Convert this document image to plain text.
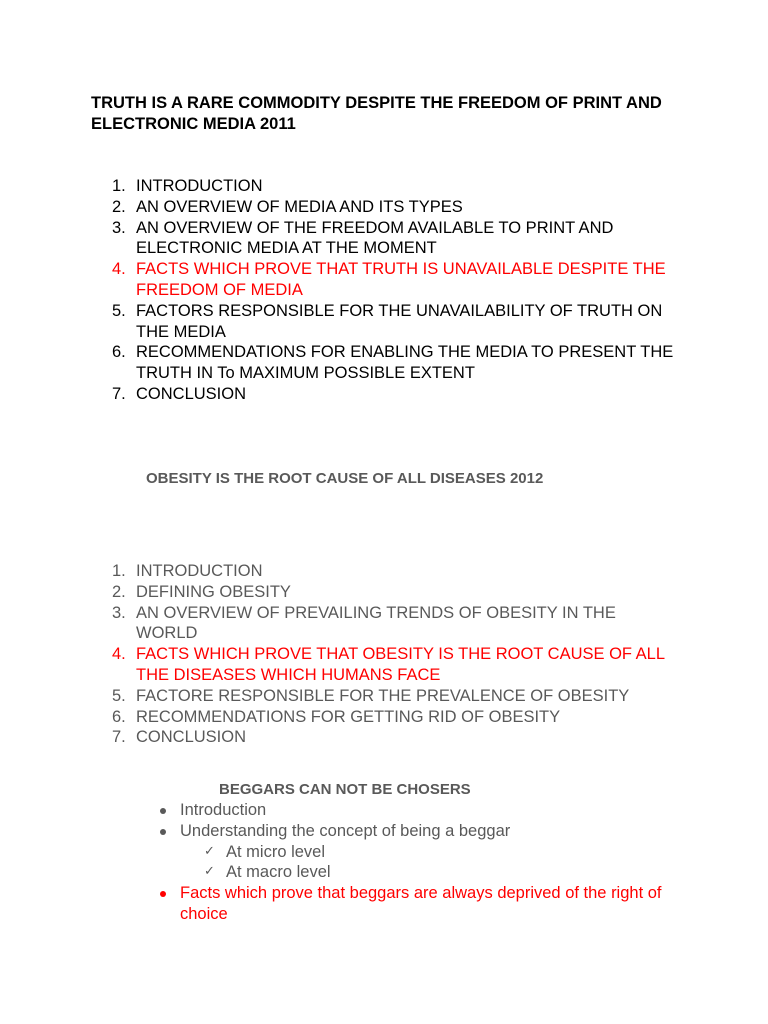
TRUTH IS A RARE COMMODITY DESPITE THE FREEDOM OF PRINT AND ELECTRONIC MEDIA 2011

1. INTRODUCTION
2. AN OVERVIEW OF MEDIA AND ITS TYPES
3. AN OVERVIEW OF THE FREEDOM AVAILABLE TO PRINT AND ELECTRONIC MEDIA AT THE MOMENT
4. FACTS WHICH PROVE THAT TRUTH IS UNAVAILABLE DESPITE THE FREEDOM OF MEDIA
5. FACTORS RESPONSIBLE FOR THE UNAVAILABILITY OF TRUTH ON THE MEDIA
6. RECOMMENDATIONS FOR ENABLING THE MEDIA TO PRESENT THE TRUTH IN To MAXIMUM POSSIBLE EXTENT
7. CONCLUSION

OBESITY IS THE ROOT CAUSE OF ALL DISEASES 2012

1. INTRODUCTION
2. DEFINING OBESITY
3. AN OVERVIEW OF PREVAILING TRENDS OF OBESITY IN THE WORLD
4. FACTS WHICH PROVE THAT OBESITY IS THE ROOT CAUSE OF ALL THE DISEASES WHICH HUMANS FACE
5. FACTORE RESPONSIBLE FOR THE PREVALENCE OF OBESITY
6. RECOMMENDATIONS FOR GETTING RID OF OBESITY
7. CONCLUSION

BEGGARS CAN NOT BE CHOSERS

Introduction
Understanding the concept of being a beggar
✓ At micro level
✓ At macro level
Facts which prove that beggars are always deprived of the right of choice
